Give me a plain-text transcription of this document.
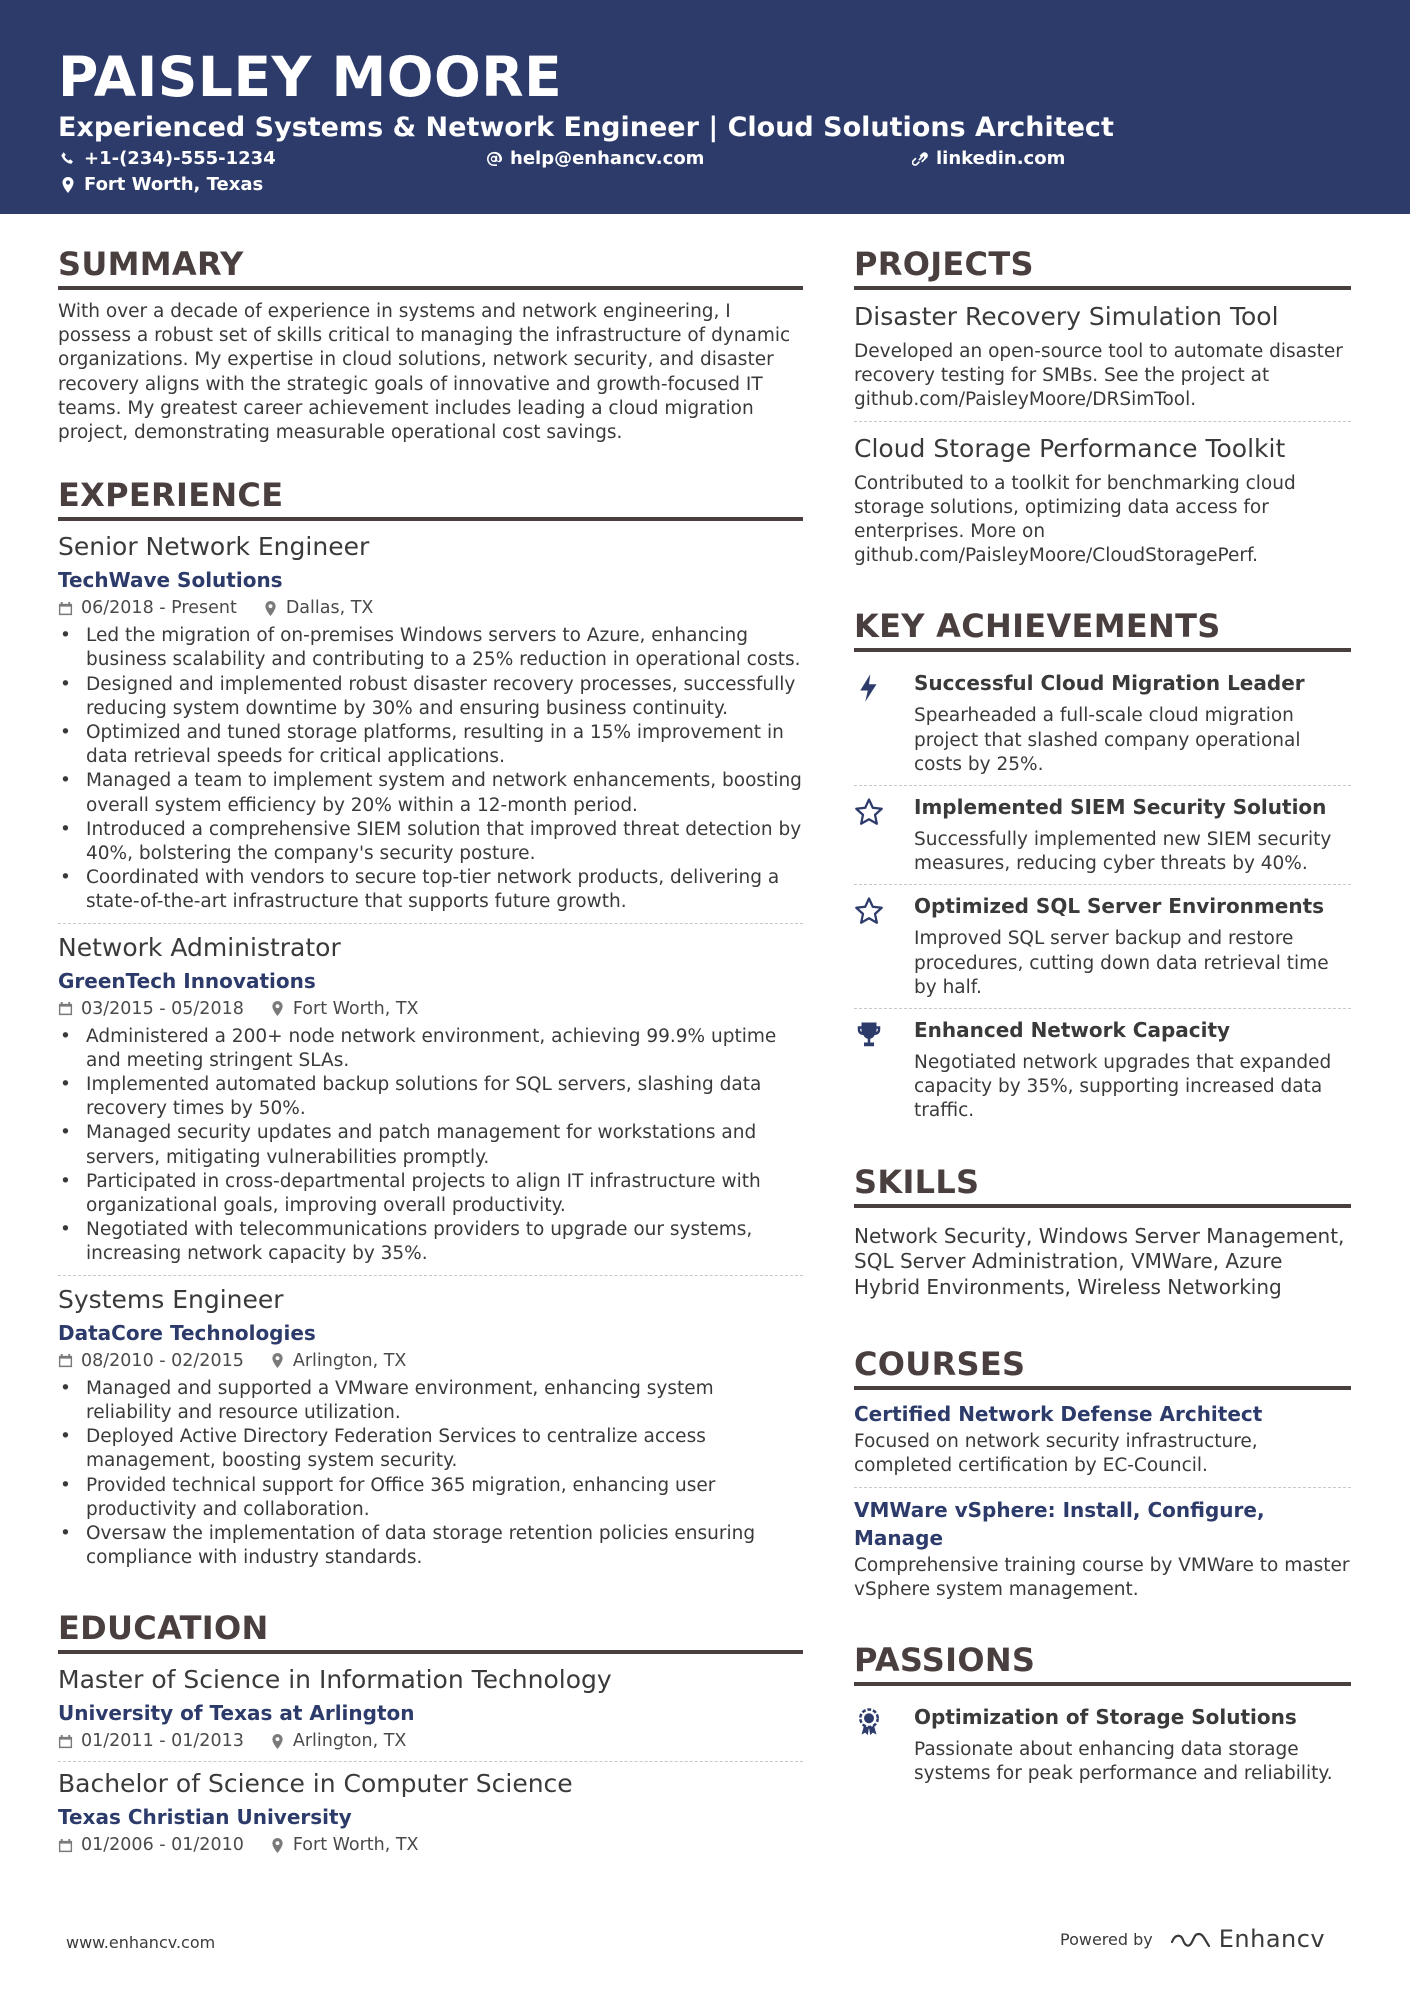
PAISLEY MOORE
Experienced Systems & Network Engineer | Cloud Solutions Architect
+1-(234)-555-1234	help@enhancv.com	linkedin.com
Fort Worth, Texas
SUMMARY
With over a decade of experience in systems and network engineering, I possess a robust set of skills critical to managing the infrastructure of dynamic organizations. My expertise in cloud solutions, network security, and disaster recovery aligns with the strategic goals of innovative and growth-focused IT teams. My greatest career achievement includes leading a cloud migration project, demonstrating measurable operational cost savings.
EXPERIENCE
Senior Network Engineer
TechWave Solutions
06/2018 - Present	Dallas, TX
• Led the migration of on-premises Windows servers to Azure, enhancing business scalability and contributing to a 25% reduction in operational costs.
• Designed and implemented robust disaster recovery processes, successfully reducing system downtime by 30% and ensuring business continuity.
• Optimized and tuned storage platforms, resulting in a 15% improvement in data retrieval speeds for critical applications.
• Managed a team to implement system and network enhancements, boosting overall system efficiency by 20% within a 12-month period.
• Introduced a comprehensive SIEM solution that improved threat detection by 40%, bolstering the company's security posture.
• Coordinated with vendors to secure top-tier network products, delivering a state-of-the-art infrastructure that supports future growth.
Network Administrator
GreenTech Innovations
03/2015 - 05/2018	Fort Worth, TX
• Administered a 200+ node network environment, achieving 99.9% uptime and meeting stringent SLAs.
• Implemented automated backup solutions for SQL servers, slashing data recovery times by 50%.
• Managed security updates and patch management for workstations and servers, mitigating vulnerabilities promptly.
• Participated in cross-departmental projects to align IT infrastructure with organizational goals, improving overall productivity.
• Negotiated with telecommunications providers to upgrade our systems, increasing network capacity by 35%.
Systems Engineer
DataCore Technologies
08/2010 - 02/2015	Arlington, TX
• Managed and supported a VMware environment, enhancing system reliability and resource utilization.
• Deployed Active Directory Federation Services to centralize access management, boosting system security.
• Provided technical support for Office 365 migration, enhancing user productivity and collaboration.
• Oversaw the implementation of data storage retention policies ensuring compliance with industry standards.
EDUCATION
Master of Science in Information Technology
University of Texas at Arlington
01/2011 - 01/2013	Arlington, TX
Bachelor of Science in Computer Science
Texas Christian University
01/2006 - 01/2010	Fort Worth, TX
PROJECTS
Disaster Recovery Simulation Tool
Developed an open-source tool to automate disaster recovery testing for SMBs. See the project at github.com/PaisleyMoore/DRSimTool.
Cloud Storage Performance Toolkit
Contributed to a toolkit for benchmarking cloud storage solutions, optimizing data access for enterprises. More on github.com/PaisleyMoore/CloudStoragePerf.
KEY ACHIEVEMENTS
Successful Cloud Migration Leader
Spearheaded a full-scale cloud migration project that slashed company operational costs by 25%.
Implemented SIEM Security Solution
Successfully implemented new SIEM security measures, reducing cyber threats by 40%.
Optimized SQL Server Environments
Improved SQL server backup and restore procedures, cutting down data retrieval time by half.
Enhanced Network Capacity
Negotiated network upgrades that expanded capacity by 35%, supporting increased data traffic.
SKILLS
Network Security, Windows Server Management, SQL Server Administration, VMWare, Azure Hybrid Environments, Wireless Networking
COURSES
Certified Network Defense Architect
Focused on network security infrastructure, completed certification by EC-Council.
VMWare vSphere: Install, Configure, Manage
Comprehensive training course by VMWare to master vSphere system management.
PASSIONS
Optimization of Storage Solutions
Passionate about enhancing data storage systems for peak performance and reliability.
www.enhancv.com	Powered by	Enhancv
